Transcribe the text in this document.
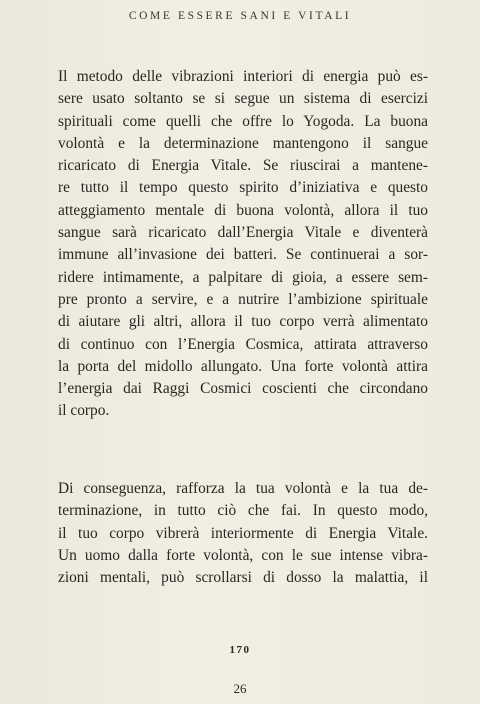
COME ESSERE SANI E VITALI
Il metodo delle vibrazioni interiori di energia può es-
sere usato soltanto se si segue un sistema di esercizi
spirituali come quelli che offre lo Yogoda. La buona
volontà e la determinazione mantengono il sangue
ricaricato di Energia Vitale. Se riuscirai a mantene-
re tutto il tempo questo spirito d’iniziativa e questo
atteggiamento mentale di buona volontà, allora il tuo
sangue sarà ricaricato dall’Energia Vitale e diventerà
immune all’invasione dei batteri. Se continuerai a sor-
ridere intimamente, a palpitare di gioia, a essere sem-
pre pronto a servire, e a nutrire l’ambizione spirituale
di aiutare gli altri, allora il tuo corpo verrà alimentato
di continuo con l’Energia Cosmica, attirata attraverso
la porta del midollo allungato. Una forte volontà attira
l’energia dai Raggi Cosmici coscienti che circondano
il corpo.
Di conseguenza, rafforza la tua volontà e la tua de-
terminazione, in tutto ciò che fai. In questo modo,
il tuo corpo vibrerà interiormente di Energia Vitale.
Un uomo dalla forte volontà, con le sue intense vibra-
zioni mentali, può scrollarsi di dosso la malattia, il
170
26
